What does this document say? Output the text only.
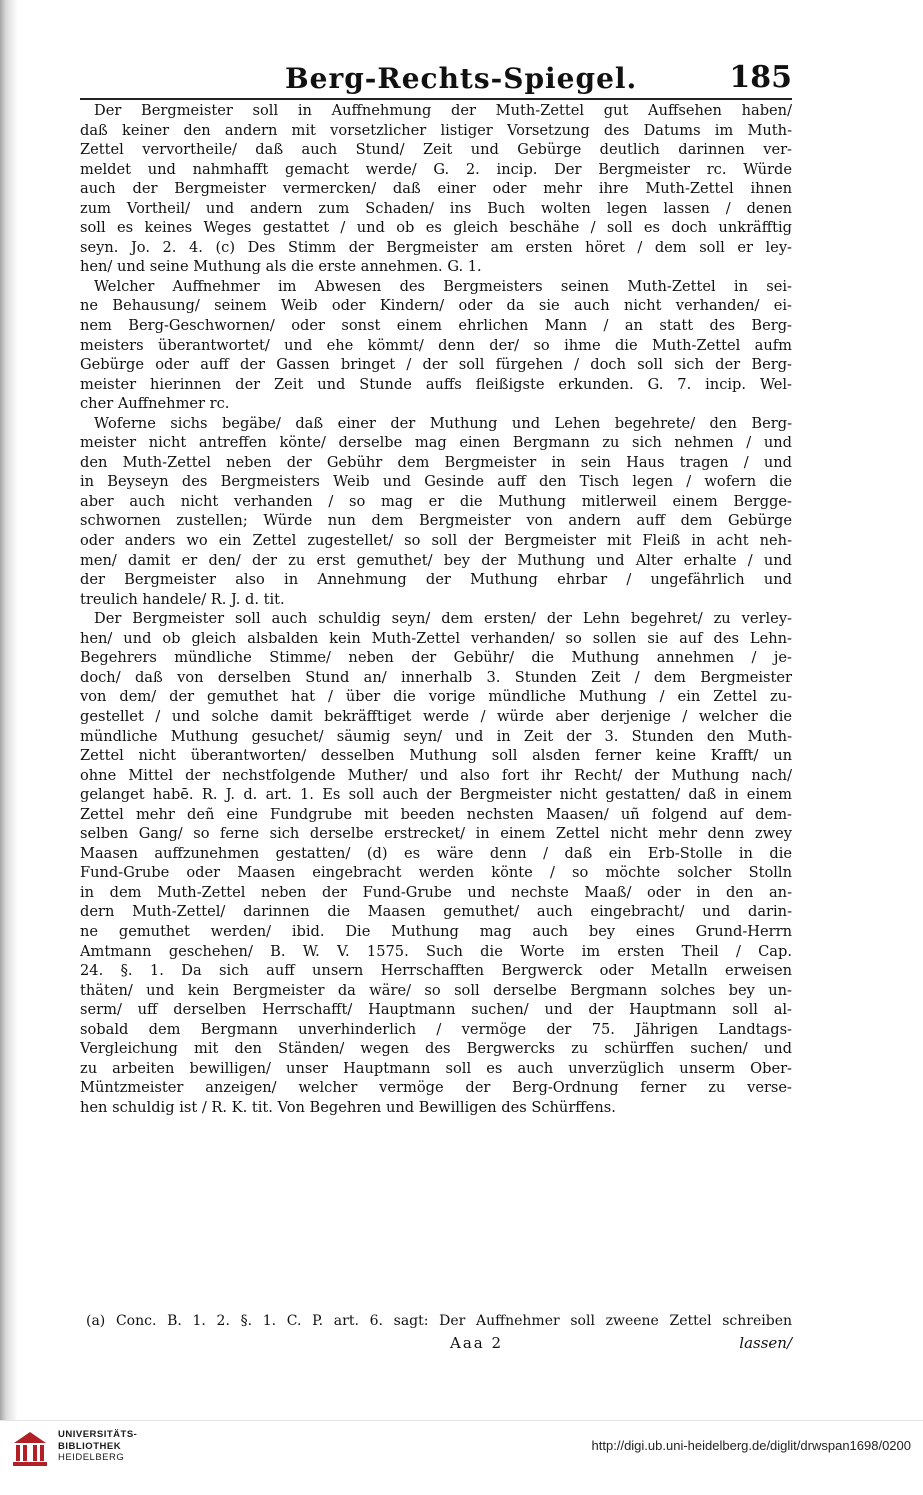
Berg-Rechts-Spiegel.	185
Der Bergmeister soll in Auffnehmung der Muth-Zettel gut Auffsehen haben/
daß keiner den andern mit vorsetzlicher listiger Vorsetzung des Datums im Muth-
Zettel vervortheile/ daß auch Stund/ Zeit und Gebürge deutlich darinnen ver-
meldet und nahmhafft gemacht werde/ G. 2. incip. Der Bergmeister rc. Würde
auch der Bergmeister vermercken/ daß einer oder mehr ihre Muth-Zettel ihnen
zum Vortheil/ und andern zum Schaden/ ins Buch wolten legen lassen / denen
soll es keines Weges gestattet / und ob es gleich beschähe / soll es doch unkräfftig
seyn. Jo. 2. 4. (c) Des Stimm der Bergmeister am ersten höret / dem soll er ley-
hen/ und seine Muthung als die erste annehmen. G. 1.
Welcher Auffnehmer im Abwesen des Bergmeisters seinen Muth-Zettel in sei-
ne Behausung/ seinem Weib oder Kindern/ oder da sie auch nicht verhanden/ ei-
nem Berg-Geschwornen/ oder sonst einem ehrlichen Mann / an statt des Berg-
meisters überantwortet/ und ehe kömmt/ denn der/ so ihme die Muth-Zettel aufm
Gebürge oder auff der Gassen bringet / der soll fürgehen / doch soll sich der Berg-
meister hierinnen der Zeit und Stunde auffs fleißigste erkunden. G. 7. incip. Wel-
cher Auffnehmer rc.
Woferne sichs begäbe/ daß einer der Muthung und Lehen begehrete/ den Berg-
meister nicht antreffen könte/ derselbe mag einen Bergmann zu sich nehmen / und
den Muth-Zettel neben der Gebühr dem Bergmeister in sein Haus tragen / und
in Beyseyn des Bergmeisters Weib und Gesinde auff den Tisch legen / wofern die
aber auch nicht verhanden / so mag er die Muthung mitlerweil einem Bergge-
schwornen zustellen; Würde nun dem Bergmeister von andern auff dem Gebürge
oder anders wo ein Zettel zugestellet/ so soll der Bergmeister mit Fleiß in acht neh-
men/ damit er den/ der zu erst gemuthet/ bey der Muthung und Alter erhalte / und
der Bergmeister also in Annehmung der Muthung ehrbar / ungefährlich und
treulich handele/ R. J. d. tit.
Der Bergmeister soll auch schuldig seyn/ dem ersten/ der Lehn begehret/ zu verley-
hen/ und ob gleich alsbalden kein Muth-Zettel verhanden/ so sollen sie auf des Lehn-
Begehrers mündliche Stimme/ neben der Gebühr/ die Muthung annehmen / je-
doch/ daß von derselben Stund an/ innerhalb 3. Stunden Zeit / dem Bergmeister
von dem/ der gemuthet hat / über die vorige mündliche Muthung / ein Zettel zu-
gestellet / und solche damit bekräfftiget werde / würde aber derjenige / welcher die
mündliche Muthung gesuchet/ säumig seyn/ und in Zeit der 3. Stunden den Muth-
Zettel nicht überantworten/ desselben Muthung soll alsden ferner keine Krafft/ un
ohne Mittel der nechstfolgende Muther/ und also fort ihr Recht/ der Muthung nach/
gelanget habē. R. J. d. art. 1. Es soll auch der Bergmeister nicht gestatten/ daß in einem
Zettel mehr deñ eine Fundgrube mit beeden nechsten Maasen/ uñ folgend auf dem-
selben Gang/ so ferne sich derselbe erstrecket/ in einem Zettel nicht mehr denn zwey
Maasen auffzunehmen gestatten/ (d) es wäre denn / daß ein Erb-Stolle in die
Fund-Grube oder Maasen eingebracht werden könte / so möchte solcher Stolln
in dem Muth-Zettel neben der Fund-Grube und nechste Maaß/ oder in den an-
dern Muth-Zettel/ darinnen die Maasen gemuthet/ auch eingebracht/ und darin-
ne gemuthet werden/ ibid. Die Muthung mag auch bey eines Grund-Herrn
Amtmann geschehen/ B. W. V. 1575. Such die Worte im ersten Theil / Cap.
24. §. 1. Da sich auff unsern Herrschafften Bergwerck oder Metalln erweisen
thäten/ und kein Bergmeister da wäre/ so soll derselbe Bergmann solches bey un-
serm/ uff derselben Herrschafft/ Hauptmann suchen/ und der Hauptmann soll al-
sobald dem Bergmann unverhinderlich / vermöge der 75. Jährigen Landtags-
Vergleichung mit den Ständen/ wegen des Bergwercks zu schürffen suchen/ und
zu arbeiten bewilligen/ unser Hauptmann soll es auch unverzüglich unserm Ober-
Müntzmeister anzeigen/ welcher vermöge der Berg-Ordnung ferner zu verse-
hen schuldig ist / R. K. tit. Von Begehren und Bewilligen des Schürffens.
(a) Conc. B. 1. 2. §. 1. C. P. art. 6. sagt: Der Auffnehmer soll zweene Zettel schreiben
Aaa 2	lassen/
UNIVERSITÄTS-
BIBLIOTHEK
HEIDELBERG
http://digi.ub.uni-heidelberg.de/diglit/drwspan1698/0200
